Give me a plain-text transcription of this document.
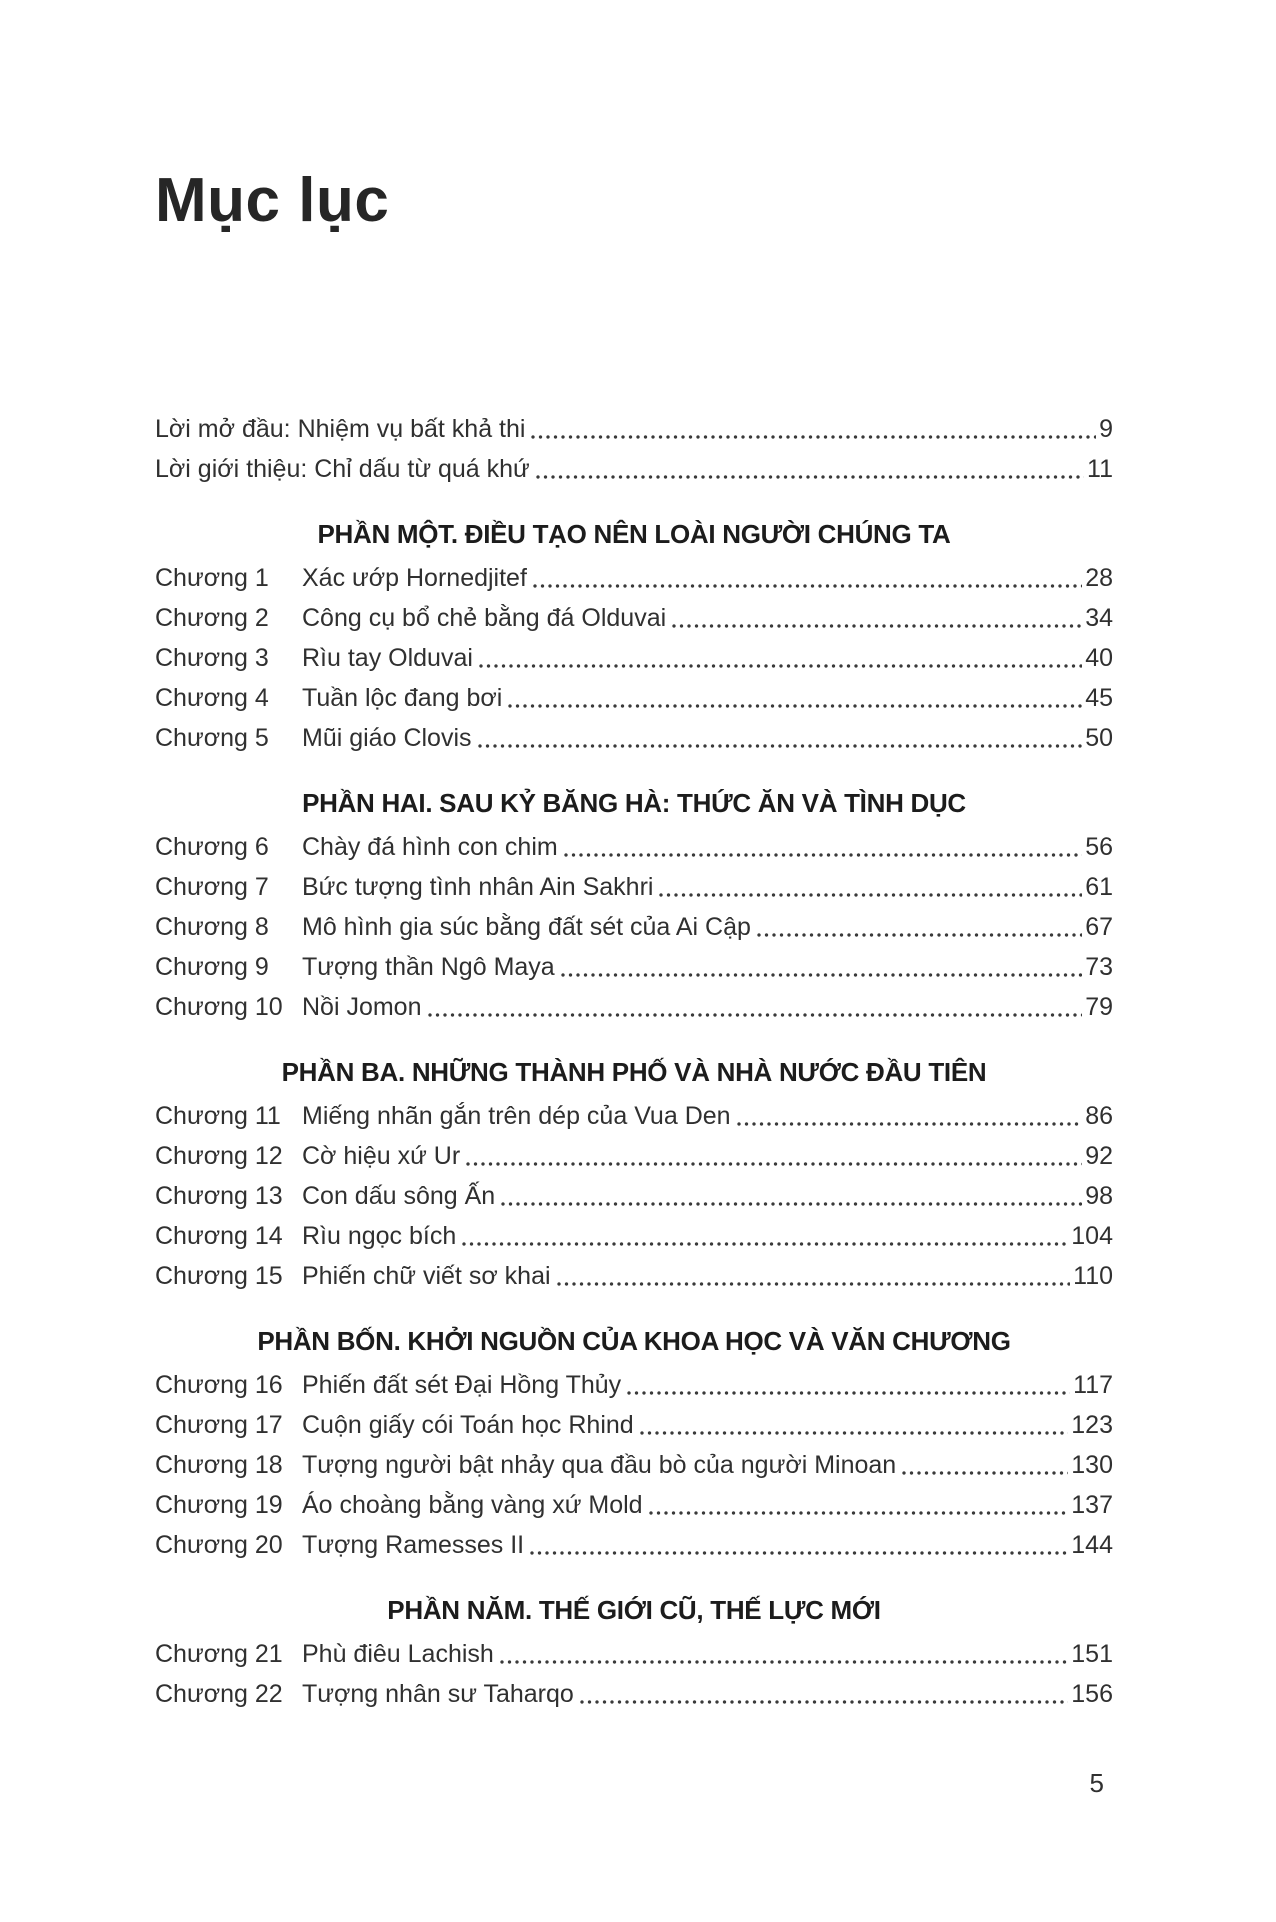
Mục lục
Lời mở đầu: Nhiệm vụ bất khả thi	9
Lời giới thiệu: Chỉ dấu từ quá khứ	11
PHẦN MỘT. ĐIỀU TẠO NÊN LOÀI NGƯỜI CHÚNG TA
Chương 1	Xác ướp Hornedjitef	28
Chương 2	Công cụ bổ chẻ bằng đá Olduvai	34
Chương 3	Rìu tay Olduvai	40
Chương 4	Tuần lộc đang bơi	45
Chương 5	Mũi giáo Clovis	50
PHẦN HAI. SAU KỶ BĂNG HÀ: THỨC ĂN VÀ TÌNH DỤC
Chương 6	Chày đá hình con chim	56
Chương 7	Bức tượng tình nhân Ain Sakhri	61
Chương 8	Mô hình gia súc bằng đất sét của Ai Cập	67
Chương 9	Tượng thần Ngô Maya	73
Chương 10 Nồi Jomon	79
PHẦN BA. NHỮNG THÀNH PHỐ VÀ NHÀ NƯỚC ĐẦU TIÊN
Chương 11 Miếng nhãn gắn trên dép của Vua Den	86
Chương 12 Cờ hiệu xứ Ur	92
Chương 13 Con dấu sông Ấn	98
Chương 14 Rìu ngọc bích	104
Chương 15 Phiến chữ viết sơ khai	110
PHẦN BỐN. KHỞI NGUỒN CỦA KHOA HỌC VÀ VĂN CHƯƠNG
Chương 16 Phiến đất sét Đại Hồng Thủy	117
Chương 17 Cuộn giấy cói Toán học Rhind	123
Chương 18 Tượng người bật nhảy qua đầu bò của người Minoan	130
Chương 19 Áo choàng bằng vàng xứ Mold	137
Chương 20 Tượng Ramesses II	144
PHẦN NĂM. THẾ GIỚI CŨ, THẾ LỰC MỚI
Chương 21 Phù điêu Lachish	151
Chương 22 Tượng nhân sư Taharqo	156
5
